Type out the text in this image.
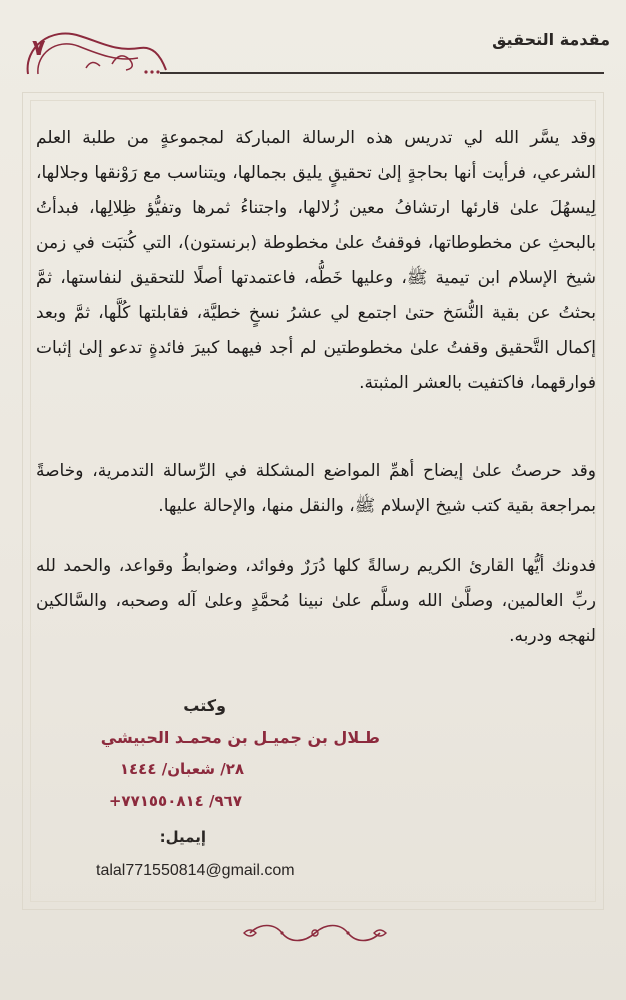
٧	مقدمة التحقيق

وقد يسَّر الله لي تدريس هذه الرسالة المباركة لمجموعةٍ من طلبة العلم الشرعي، فرأيت أنها بحاجةٍ إلىٰ تحقيقٍ يليق بجمالها، ويتناسب مع رَوْنقها وجلالها، لِيسهُلَ علىٰ قارئها ارتشافُ معين زُلالها، واجتناءُ ثمرها وتفيُّؤ ظِلالِها، فبدأتُ بالبحثِ عن مخطوطاتها، فوقفتُ علىٰ مخطوطة (برنستون)، التي كُتبَت في زمن شيخ الإسلام ابن تيمية ﷺ، وعليها خَطُّه، فاعتمدتها أصلًا للتحقيق لنفاستها، ثمَّ بحثتُ عن بقية النُّسَخ حتىٰ اجتمع لي عشرُ نسخٍ خطيَّة، فقابلتها كُلَّها، ثمَّ وبعد إكمال التَّحقيق وقفتُ علىٰ مخطوطتين لم أجد فيهما كبيرَ فائدةٍ تدعو إلىٰ إثبات فوارقهما، فاكتفيت بالعشر المثبتة.

وقد حرصتُ علىٰ إيضاح أهمِّ المواضع المشكلة في الرِّسالة التدمرية، وخاصةً بمراجعة بقية كتب شيخ الإسلام ﷺ، والنقل منها، والإحالة عليها.

فدونك أيُّها القارئ الكريم رسالةً كلها دُرَرٌ وفوائد، وضوابطُ وقواعد، والحمد لله ربِّ العالمين، وصلَّىٰ الله وسلَّم علىٰ نبينا مُحمَّدٍ وعلىٰ آله وصحبه، والسَّالكين لنهجه ودربه.

وكتب
طـلال بن جميـل بن محمـد الحبيشي
٢٨/ شعبان/ ١٤٤٤
+٩٦٧/ ٧٧١٥٥٠٨١٤
إيميل:
talal771550814@gmail.com
